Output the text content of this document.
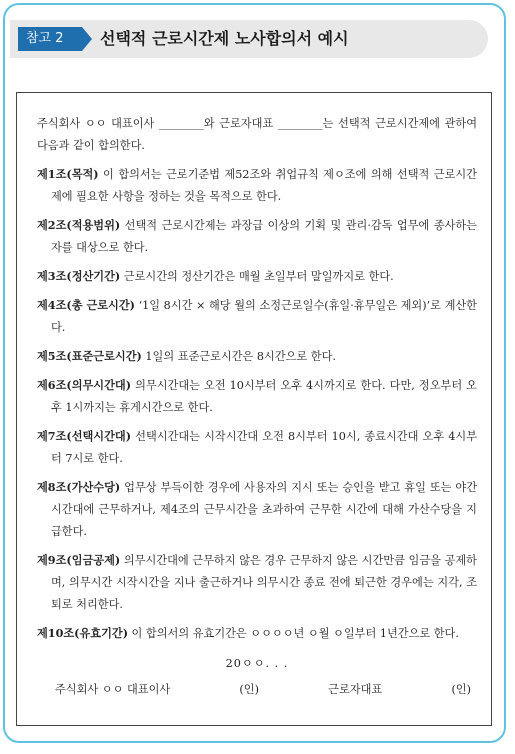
참고 2	선택적 근로시간제 노사합의서 예시

주식회사 ㅇㅇ 대표이사 ________와 근로자대표 ________는 선택적 근로시간제에 관하여 다음과 같이 합의한다.

제1조(목적) 이 합의서는 근로기준법 제52조와 취업규칙 제ㅇ조에 의해 선택적 근로시간제에 필요한 사항을 정하는 것을 목적으로 한다.

제2조(적용범위) 선택적 근로시간제는 과장급 이상의 기획 및 관리·감독 업무에 종사하는 자를 대상으로 한다.

제3조(정산기간) 근로시간의 정산기간은 매월 초일부터 말일까지로 한다.

제4조(총 근로시간) ‘1일 8시간 × 해당 월의 소정근로일수(휴일·휴무일은 제외)’로 계산한다.

제5조(표준근로시간) 1일의 표준근로시간은 8시간으로 한다.

제6조(의무시간대) 의무시간대는 오전 10시부터 오후 4시까지로 한다. 다만, 정오부터 오후 1시까지는 휴게시간으로 한다.

제7조(선택시간대) 선택시간대는 시작시간대 오전 8시부터 10시, 종료시간대 오후 4시부터 7시로 한다.

제8조(가산수당) 업무상 부득이한 경우에 사용자의 지시 또는 승인을 받고 휴일 또는 야간시간대에 근무하거나, 제4조의 근무시간을 초과하여 근무한 시간에 대해 가산수당을 지급한다.

제9조(임금공제) 의무시간대에 근무하지 않은 경우 근무하지 않은 시간만큼 임금을 공제하며, 의무시간 시작시간을 지나 출근하거나 의무시간 종료 전에 퇴근한 경우에는 지각, 조퇴로 처리한다.

제10조(유효기간) 이 합의서의 유효기간은 ㅇㅇㅇㅇ년 ㅇ월 ㅇ일부터 1년간으로 한다.

20ㅇㅇ. . .
주식회사 ㅇㅇ 대표이사	(인)	근로자대표	(인)
